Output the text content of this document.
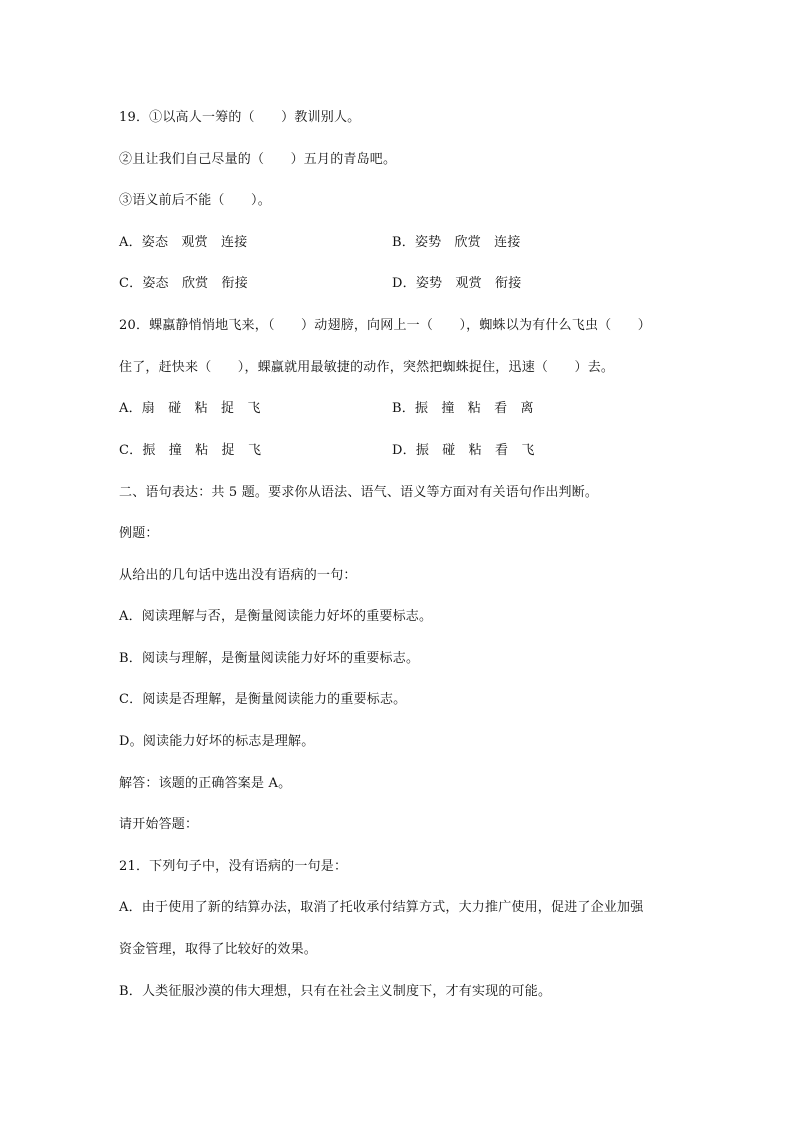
19．①以高人一筹的（　　）教训别人。
②且让我们自己尽量的（　　）五月的青岛吧。
③语义前后不能（　　）。
A．姿态　观赏　连接	B．姿势　欣赏　连接
C．姿态　欣赏　衔接	D．姿势　观赏　衔接
20．蜾蠃静悄悄地飞来，（　　）动翅膀，向网上一（　　），蜘蛛以为有什么飞虫（　　）
住了，赶快来（　　），蜾蠃就用最敏捷的动作，突然把蜘蛛捉住，迅速（　　）去。
A．扇　碰　粘　捉　飞	B．振　撞　粘　看　离
C．振　撞　粘　捉　飞	D．振　碰　粘　看　飞
二、语句表达：共 5 题。要求你从语法、语气、语义等方面对有关语句作出判断。
例题：
从给出的几句话中选出没有语病的一句：
A．阅读理解与否，是衡量阅读能力好坏的重要标志。
B．阅读与理解，是衡量阅读能力好坏的重要标志。
C．阅读是否理解，是衡量阅读能力的重要标志。
D。阅读能力好坏的标志是理解。
解答：该题的正确答案是 A。
请开始答题：
21．下列句子中，没有语病的一句是：
A．由于使用了新的结算办法，取消了托收承付结算方式，大力推广使用，促进了企业加强
资金管理，取得了比较好的效果。
B．人类征服沙漠的伟大理想，只有在社会主义制度下，才有实现的可能。
